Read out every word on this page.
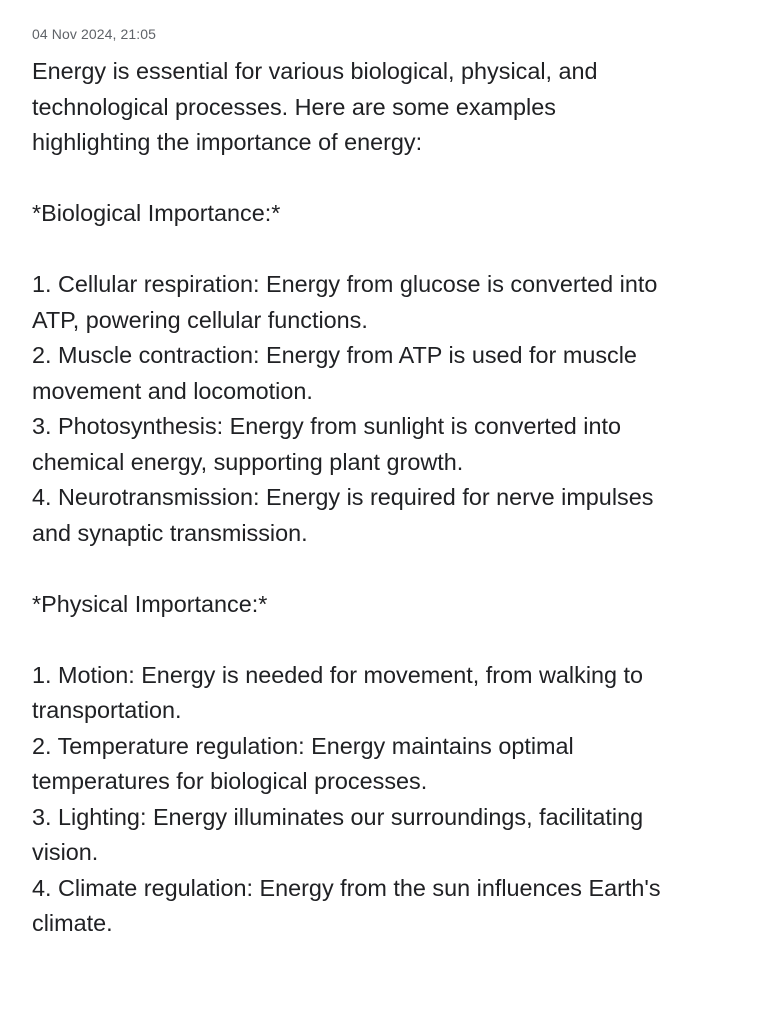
04 Nov 2024, 21:05
Energy is essential for various biological, physical, and
technological processes. Here are some examples
highlighting the importance of energy:
*Biological Importance:*
1. Cellular respiration: Energy from glucose is converted into
ATP, powering cellular functions.
2. Muscle contraction: Energy from ATP is used for muscle
movement and locomotion.
3. Photosynthesis: Energy from sunlight is converted into
chemical energy, supporting plant growth.
4. Neurotransmission: Energy is required for nerve impulses
and synaptic transmission.
*Physical Importance:*
1. Motion: Energy is needed for movement, from walking to
transportation.
2. Temperature regulation: Energy maintains optimal
temperatures for biological processes.
3. Lighting: Energy illuminates our surroundings, facilitating
vision.
4. Climate regulation: Energy from the sun influences Earth's
climate.
